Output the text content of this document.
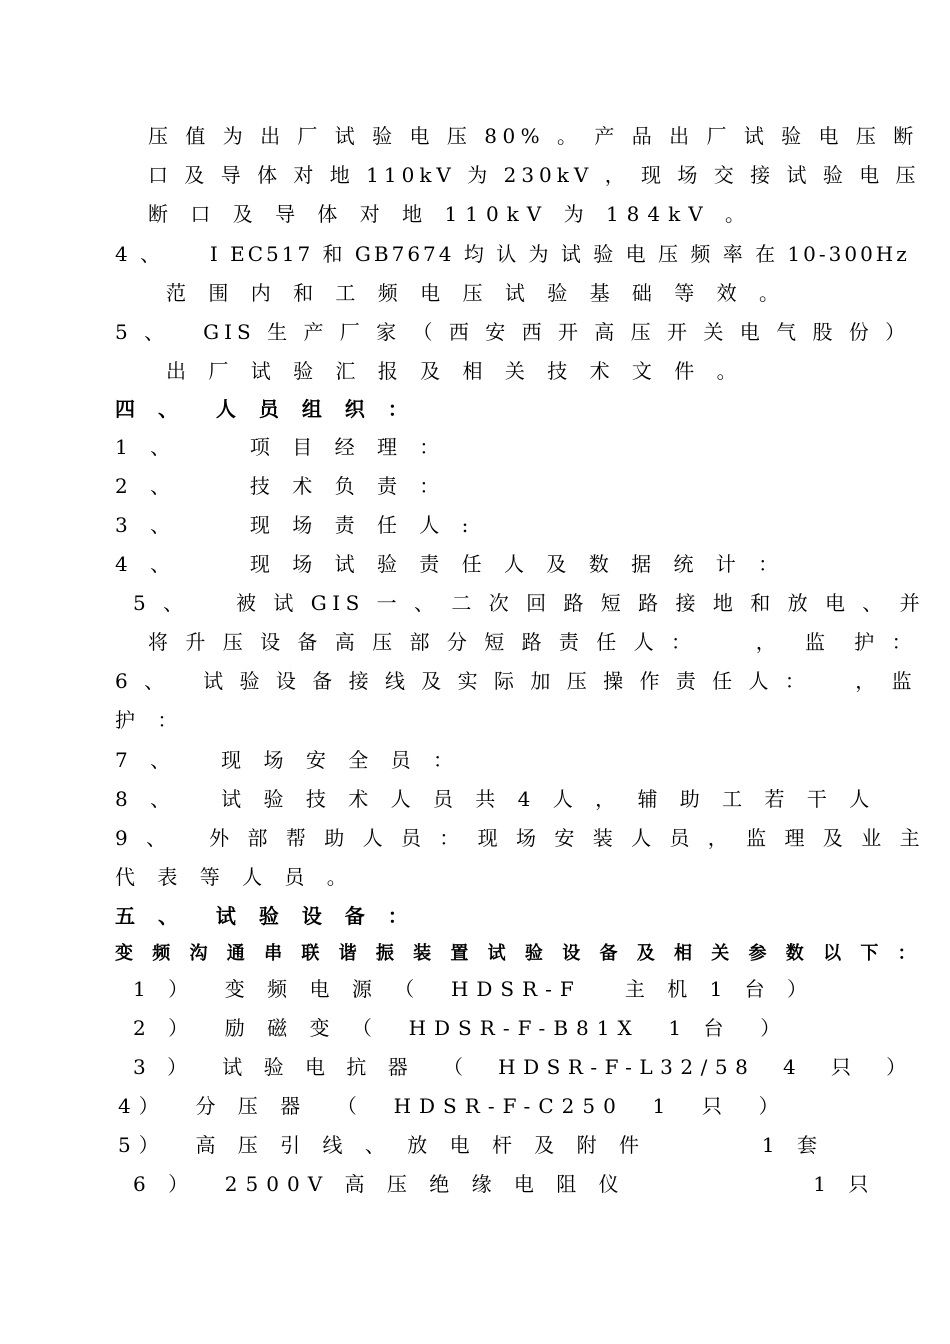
压 值 为 出 厂 试 验 电 压 80% 。 产 品 出 厂 试 验 电 压 断
口 及 导 体 对 地 110kV 为 230kV ， 现 场 交 接 试 验 电 压
断 口 及 导 体 对 地 110kV 为 184kV 。
4 、     I EC517 和 GB7674 均 认 为 试 验 电 压 频 率 在 10-300Hz
范 围 内 和 工 频 电 压 试 验 基 础 等 效 。
5 、   GIS 生 产 厂 家 （ 西 安 西 开 高 压 开 关 电 气 股 份 ）
出 厂 试 验 汇 报 及 相 关 技 术 文 件 。
四 、  人 员 组 织 ：
1 、     项 目 经 理 ：
2 、     技 术 负 责 ：
3 、     现 场 责 任 人 :
4 、     现 场 试 验 责 任 人 及 数 据 统 计 ：
5 、    被 试 GIS 一 、 二 次 回 路 短 路 接 地 和 放 电 、 并
将 升 压 设 备 高 压 部 分 短 路 责 任 人 ：     ，  监  护 ：
6 、   试 验 设 备 接 线 及 实 际 加 压 操 作 责 任 人 ：    ， 监
护 ：
7 、   现 场 安 全 员 ：
8 、   试 验 技 术 人 员 共 4 人 ， 辅 助 工 若 干 人
9 、   外 部 帮 助 人 员 ： 现 场 安 装 人 员 ， 监 理 及 业 主
代 表 等 人 员 。
五 、  试 验 设 备 ：
变 频 沟 通 串 联 谐 振 装 置 试 验 设 备 及 相 关 参 数 以 下 ：
1 ）  变 频 电 源 （  HDSR-F   主 机 1 台 ）
2 ）  励 磁 变 （  HDSR-F-B81X  1 台  ）
3 ）  试 验 电 抗 器  （  HDSR-F-L32/58  4  只  ）
4）  分 压 器  （  HDSR-F-C250  1  只  ）
5）  高 压 引 线 、 放 电 杆 及 附 件        1 套
6 ）  2500V 高 压 绝 缘 电 阻 仪             1 只
